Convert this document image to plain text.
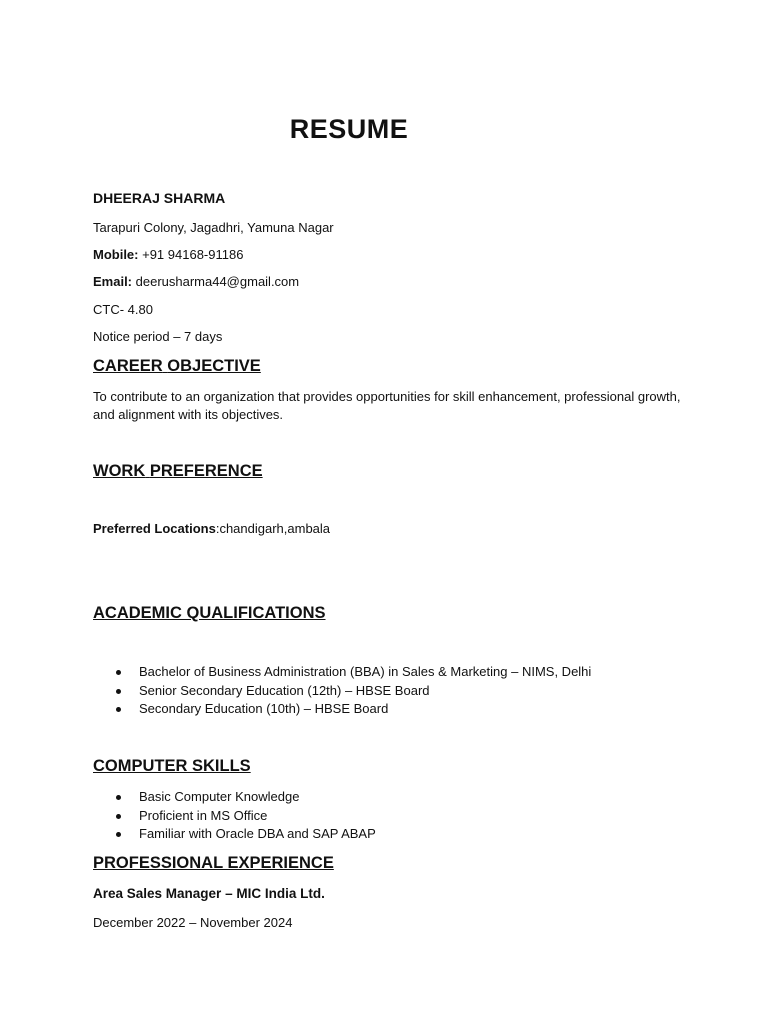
RESUME
DHEERAJ SHARMA
Tarapuri Colony, Jagadhri, Yamuna Nagar
Mobile: +91 94168-91186
Email: deerusharma44@gmail.com
CTC- 4.80
Notice period – 7 days
CAREER OBJECTIVE
To contribute to an organization that provides opportunities for skill enhancement, professional growth, and alignment with its objectives.
WORK PREFERENCE
Preferred Locations:chandigarh,ambala
ACADEMIC QUALIFICATIONS
Bachelor of Business Administration (BBA) in Sales & Marketing – NIMS, Delhi
Senior Secondary Education (12th) – HBSE Board
Secondary Education (10th) – HBSE Board
COMPUTER SKILLS
Basic Computer Knowledge
Proficient in MS Office
Familiar with Oracle DBA and SAP ABAP
PROFESSIONAL EXPERIENCE
Area Sales Manager – MIC India Ltd.
December 2022 – November 2024
